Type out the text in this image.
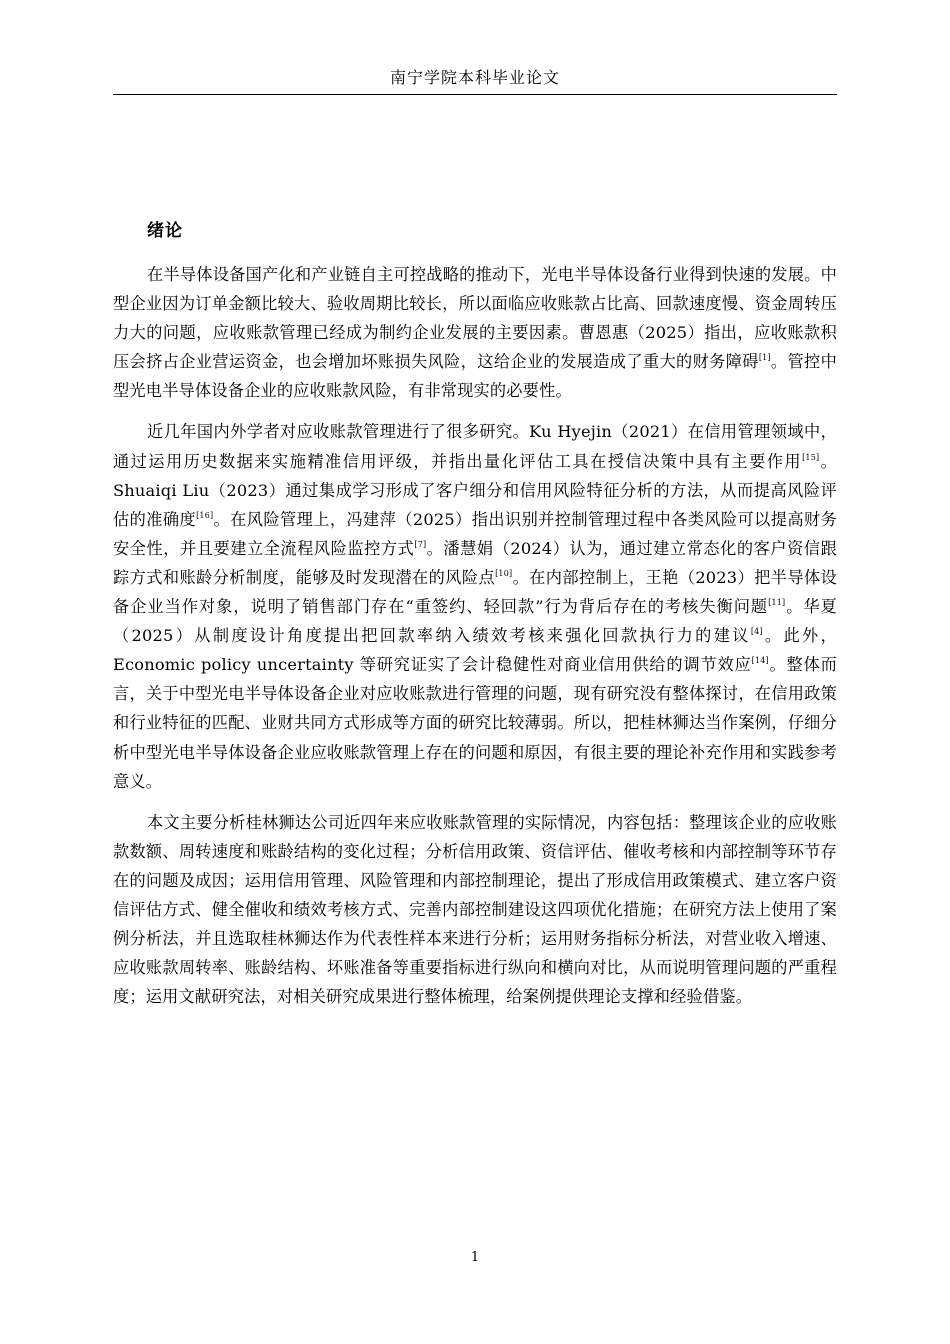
南宁学院本科毕业论文
绪论

在半导体设备国产化和产业链自主可控战略的推动下，光电半导体设备行业得到快速的发展。中型企业因为订单金额比较大、验收周期比较长，所以面临应收账款占比高、回款速度慢、资金周转压力大的问题，应收账款管理已经成为制约企业发展的主要因素。曹恩惠（2025）指出，应收账款积压会挤占企业营运资金，也会增加坏账损失风险，这给企业的发展造成了重大的财务障碍[1]。管控中型光电半导体设备企业的应收账款风险，有非常现实的必要性。

近几年国内外学者对应收账款管理进行了很多研究。Ku Hyejin（2021）在信用管理领域中，通过运用历史数据来实施精准信用评级，并指出量化评估工具在授信决策中具有主要作用[15]。Shuaiqi Liu（2023）通过集成学习形成了客户细分和信用风险特征分析的方法，从而提高风险评估的准确度[16]。在风险管理上，冯建萍（2025）指出识别并控制管理过程中各类风险可以提高财务安全性，并且要建立全流程风险监控方式[7]。潘慧娟（2024）认为，通过建立常态化的客户资信跟踪方式和账龄分析制度，能够及时发现潜在的风险点[10]。在内部控制上，王艳（2023）把半导体设备企业当作对象，说明了销售部门存在“重签约、轻回款”行为背后存在的考核失衡问题[11]。华夏（2025）从制度设计角度提出把回款率纳入绩效考核来强化回款执行力的建议[4]。此外，Economic policy uncertainty 等研究证实了会计稳健性对商业信用供给的调节效应[14]。整体而言，关于中型光电半导体设备企业对应收账款进行管理的问题，现有研究没有整体探讨，在信用政策和行业特征的匹配、业财共同方式形成等方面的研究比较薄弱。所以，把桂林狮达当作案例，仔细分析中型光电半导体设备企业应收账款管理上存在的问题和原因，有很主要的理论补充作用和实践参考意义。

本文主要分析桂林狮达公司近四年来应收账款管理的实际情况，内容包括：整理该企业的应收账款数额、周转速度和账龄结构的变化过程；分析信用政策、资信评估、催收考核和内部控制等环节存在的问题及成因；运用信用管理、风险管理和内部控制理论，提出了形成信用政策模式、建立客户资信评估方式、健全催收和绩效考核方式、完善内部控制建设这四项优化措施；在研究方法上使用了案例分析法，并且选取桂林狮达作为代表性样本来进行分析；运用财务指标分析法，对营业收入增速、应收账款周转率、账龄结构、坏账准备等重要指标进行纵向和横向对比，从而说明管理问题的严重程度；运用文献研究法，对相关研究成果进行整体梳理，给案例提供理论支撑和经验借鉴。

1
